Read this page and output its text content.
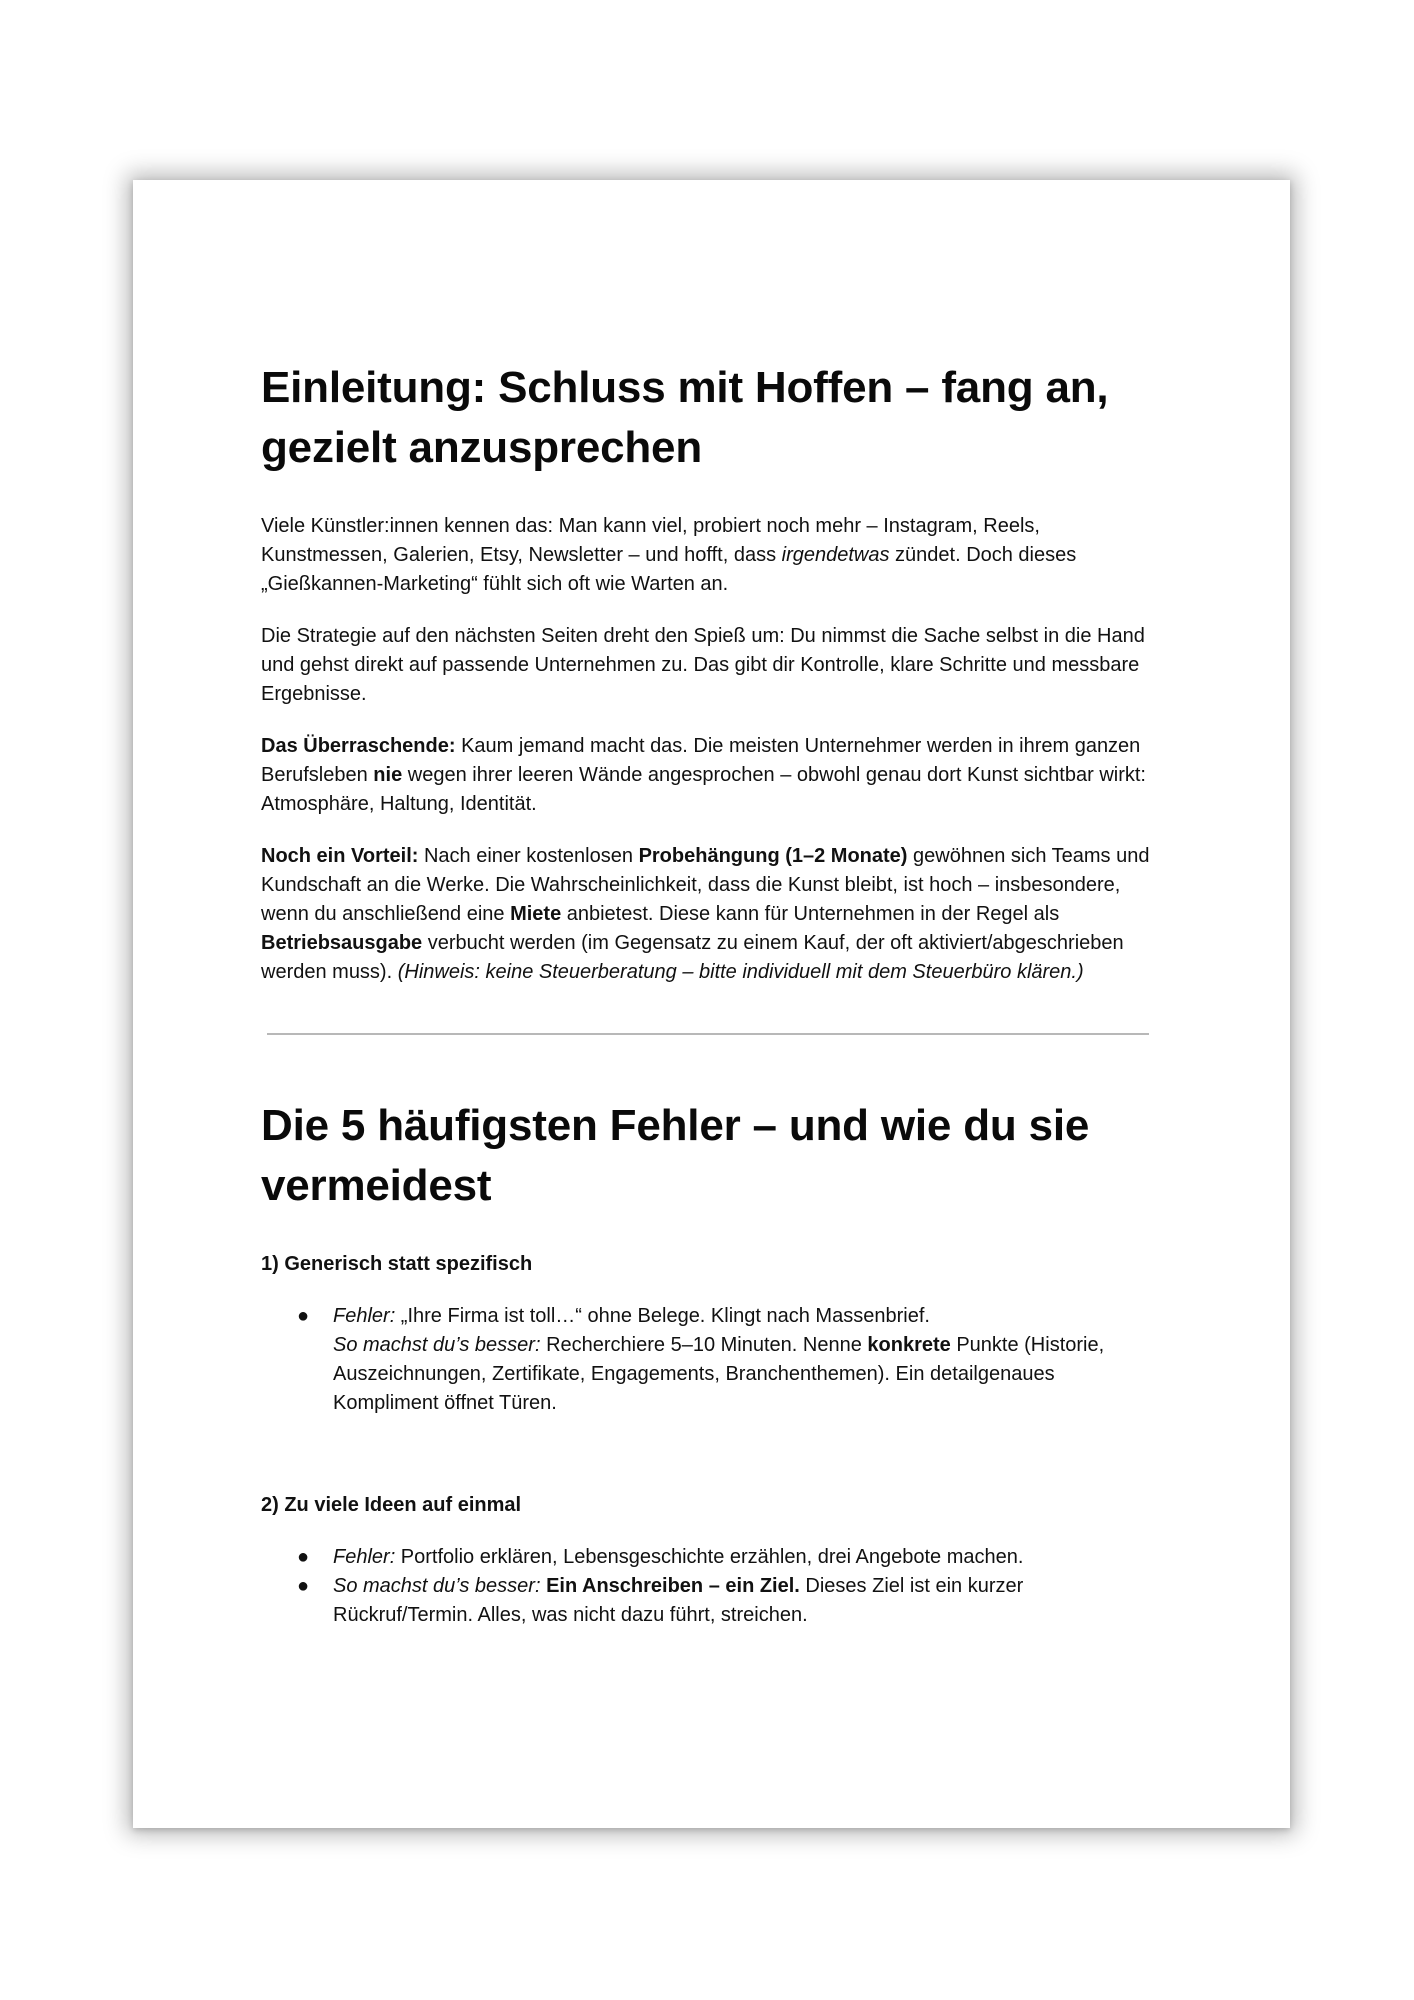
Einleitung: Schluss mit Hoffen – fang an, gezielt anzusprechen

Viele Künstler:innen kennen das: Man kann viel, probiert noch mehr – Instagram, Reels, Kunstmessen, Galerien, Etsy, Newsletter – und hofft, dass irgendetwas zündet. Doch dieses „Gießkannen-Marketing“ fühlt sich oft wie Warten an.

Die Strategie auf den nächsten Seiten dreht den Spieß um: Du nimmst die Sache selbst in die Hand und gehst direkt auf passende Unternehmen zu. Das gibt dir Kontrolle, klare Schritte und messbare Ergebnisse.

Das Überraschende: Kaum jemand macht das. Die meisten Unternehmer werden in ihrem ganzen Berufsleben nie wegen ihrer leeren Wände angesprochen – obwohl genau dort Kunst sichtbar wirkt: Atmosphäre, Haltung, Identität.

Noch ein Vorteil: Nach einer kostenlosen Probehängung (1–2 Monate) gewöhnen sich Teams und Kundschaft an die Werke. Die Wahrscheinlichkeit, dass die Kunst bleibt, ist hoch – insbesondere, wenn du anschließend eine Miete anbietest. Diese kann für Unternehmen in der Regel als Betriebsausgabe verbucht werden (im Gegensatz zu einem Kauf, der oft aktiviert/abgeschrieben werden muss). (Hinweis: keine Steuerberatung – bitte individuell mit dem Steuerbüro klären.)

Die 5 häufigsten Fehler – und wie du sie vermeidest
1) Generisch statt spezifisch
● Fehler: „Ihre Firma ist toll…“ ohne Belege. Klingt nach Massenbrief.
So machst du’s besser: Recherchiere 5–10 Minuten. Nenne konkrete Punkte (Historie, Auszeichnungen, Zertifikate, Engagements, Branchenthemen). Ein detailgenaues Kompliment öffnet Türen.
2) Zu viele Ideen auf einmal
● Fehler: Portfolio erklären, Lebensgeschichte erzählen, drei Angebote machen.
● So machst du’s besser: Ein Anschreiben – ein Ziel. Dieses Ziel ist ein kurzer Rückruf/Termin. Alles, was nicht dazu führt, streichen.
